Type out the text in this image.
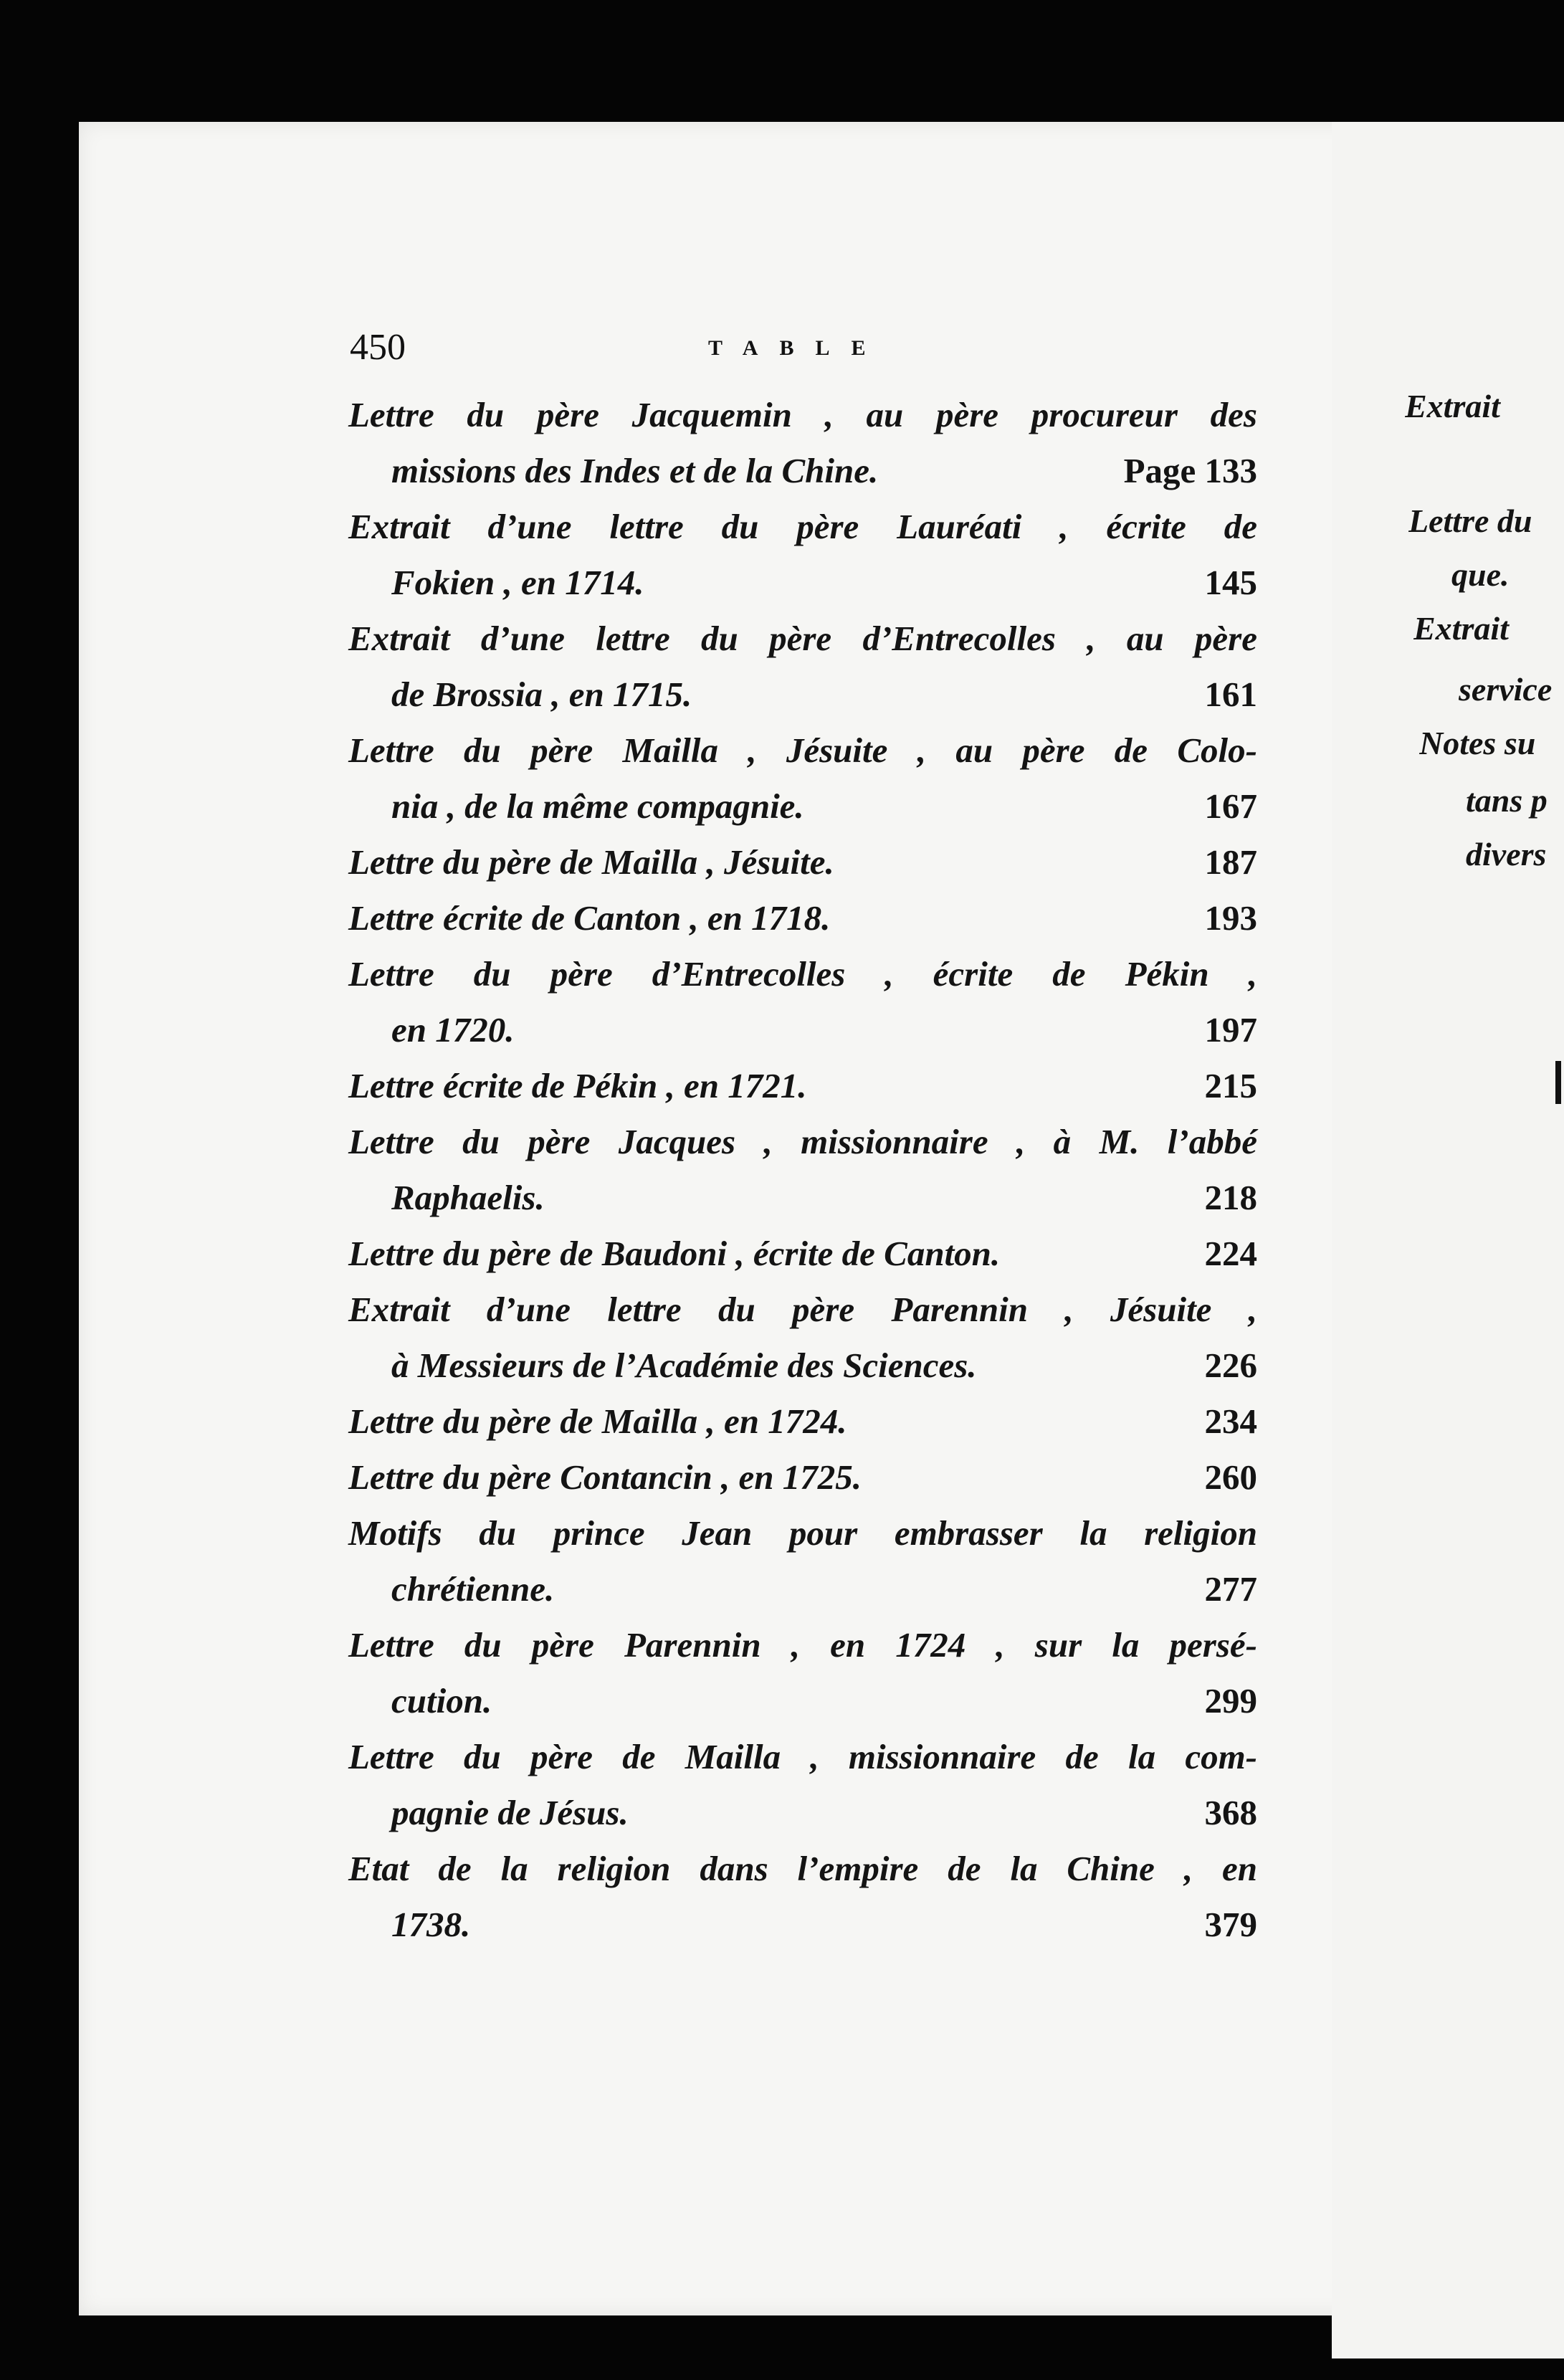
450	TABLE
Lettre du père Jacquemin , au père procureur des
missions des Indes et de la Chine.	Page 133
Extrait d’une lettre du père Lauréati , écrite de
Fokien , en 1714.	145
Extrait d’une lettre du père d’Entrecolles , au père
de Brossia , en 1715.	161
Lettre du père Mailla , Jésuite , au père de Colo-
nia , de la même compagnie.	167
Lettre du père de Mailla , Jésuite.	187
Lettre écrite de Canton , en 1718.	193
Lettre du père d’Entrecolles , écrite de Pékin ,
en 1720.	197
Lettre écrite de Pékin , en 1721.	215
Lettre du père Jacques , missionnaire , à M. l’abbé
Raphaelis.	218
Lettre du père de Baudoni , écrite de Canton.	224
Extrait d’une lettre du père Parennin , Jésuite ,
à Messieurs de l’Académie des Sciences.	226
Lettre du père de Mailla , en 1724.	234
Lettre du père Contancin , en 1725.	260
Motifs du prince Jean pour embrasser la religion
chrétienne.	277
Lettre du père Parennin , en 1724 , sur la persé-
cution.	299
Lettre du père de Mailla , missionnaire de la com-
pagnie de Jésus.	368
Etat de la religion dans l’empire de la Chine , en
1738.	379
Extrait
Lettre du
que.
Extrait
service
Notes su
tans p
divers
